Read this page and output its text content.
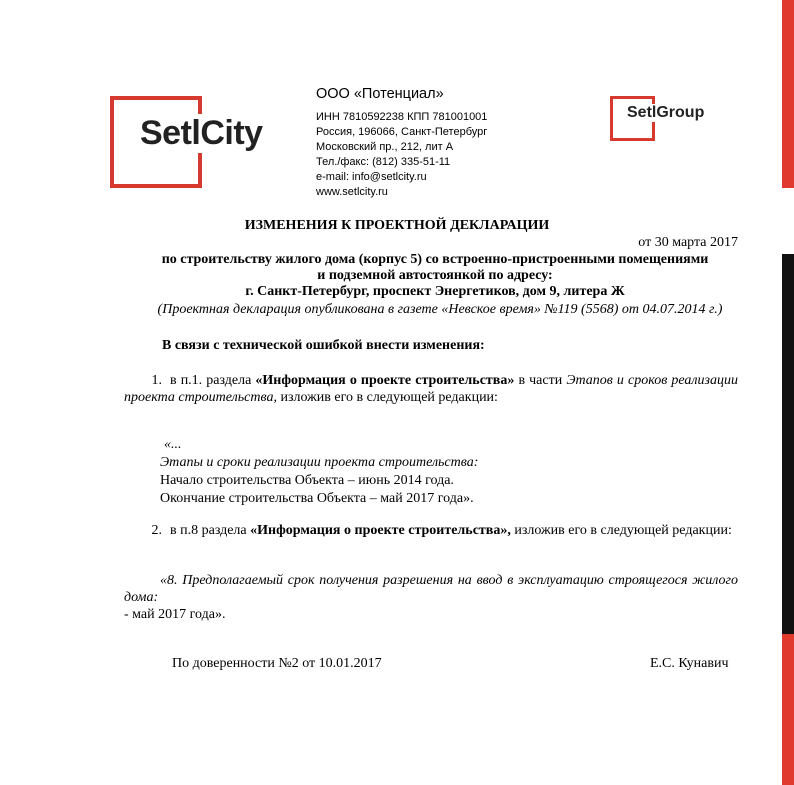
SetlCity
ООО «Потенциал»
ИНН 7810592238 КПП 781001001
Россия, 196066, Санкт-Петербург
Московский пр., 212, лит А
Тел./факс: (812) 335-51-11
e-mail: info@setlcity.ru
www.setlcity.ru
SetlGroup
ИЗМЕНЕНИЯ К ПРОЕКТНОЙ ДЕКЛАРАЦИИ
от 30 марта 2017
по строительству жилого дома (корпус 5) со встроенно-пристроенными помещениями
и подземной автостоянкой по адресу:
г. Санкт-Петербург, проспект Энергетиков, дом 9, литера Ж
(Проектная декларация опубликована в газете «Невское время» №119 (5568) от 04.07.2014 г.)
В связи с технической ошибкой внести изменения:
1. в п.1. раздела «Информация о проекте строительства» в части Этапов и сроков реализации проекта строительства, изложив его в следующей редакции:
«...
Этапы и сроки реализации проекта строительства:
Начало строительства Объекта – июнь 2014 года.
Окончание строительства Объекта – май 2017 года».
2. в п.8 раздела «Информация о проекте строительства», изложив его в следующей редакции:
«8. Предполагаемый срок получения разрешения на ввод в эксплуатацию строящегося жилого дома:
- май 2017 года».
По доверенности №2 от 10.01.2017	Е.С. Кунавич
